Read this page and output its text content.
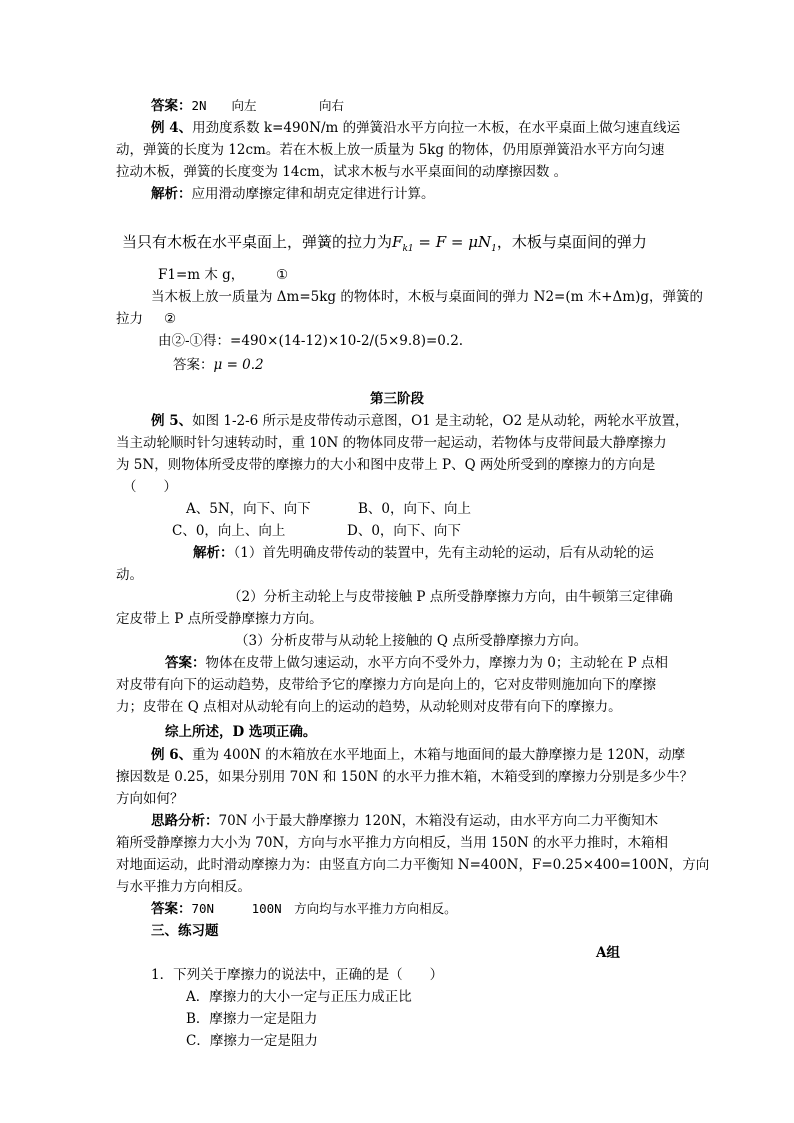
答案：2N　　向左　　　　　向右
例 4、用劲度系数 k=490N/m 的弹簧沿水平方向拉一木板，在水平桌面上做匀速直线运
动，弹簧的长度为 12cm。若在木板上放一质量为 5kg 的物体，仍用原弹簧沿水平方向匀速
拉动木板，弹簧的长度变为 14cm，试求木板与水平桌面间的动摩擦因数 。
解析：应用滑动摩擦定律和胡克定律进行计算。
当只有木板在水平桌面上，弹簧的拉力为$F_{k1} = F = \mu N_1$，木板与桌面间的弹力
F1=m 木 g， ①
当木板上放一质量为 Δm=5kg 的物体时，木板与桌面间的弹力 N2=(m 木+Δm)g，弹簧的
拉力 ②
由②-①得：=490×(14-12)×10-2/(5×9.8)=0.2.
答案：μ = 0.2
第三阶段
例 5、如图 1-2-6 所示是皮带传动示意图，O1 是主动轮，O2 是从动轮，两轮水平放置，
当主动轮顺时针匀速转动时，重 10N 的物体同皮带一起运动，若物体与皮带间最大静摩擦力
为 5N，则物体所受皮带的摩擦力的大小和图中皮带上 P、Q 两处所受到的摩擦力的方向是
（　　）
A、5N，向下、向下	B、0，向下、向上
C、0，向上、向上	D、0，向下、向下
解析：（1）首先明确皮带传动的装置中，先有主动轮的运动，后有从动轮的运
动。
（2）分析主动轮上与皮带接触 P 点所受静摩擦力方向，由牛顿第三定律确
定皮带上 P 点所受静摩擦力方向。
（3）分析皮带与从动轮上接触的 Q 点所受静摩擦力方向。
答案：物体在皮带上做匀速运动，水平方向不受外力，摩擦力为 0；主动轮在 P 点相
对皮带有向下的运动趋势，皮带给予它的摩擦力方向是向上的，它对皮带则施加向下的摩擦
力；皮带在 Q 点相对从动轮有向上的运动的趋势，从动轮则对皮带有向下的摩擦力。
综上所述，D 选项正确。
例 6、重为 400N 的木箱放在水平地面上，木箱与地面间的最大静摩擦力是 120N，动摩
擦因数是 0.25，如果分别用 70N 和 150N 的水平力推木箱，木箱受到的摩擦力分别是多少牛？
方向如何？
思路分析：70N 小于最大静摩擦力 120N，木箱没有运动，由水平方向二力平衡知木
箱所受静摩擦力大小为 70N，方向与水平推力方向相反，当用 150N 的水平力推时，木箱相
对地面运动，此时滑动摩擦力为：由竖直方向二力平衡知 N=400N，F=0.25×400=100N，方向
与水平推力方向相反。
答案：70N　　　100N　方向均与水平推力方向相反。
三、练习题
A组
1．下列关于摩擦力的说法中，正确的是（　　）
A．摩擦力的大小一定与正压力成正比
B．摩擦力一定是阻力
C．摩擦力一定是阻力
